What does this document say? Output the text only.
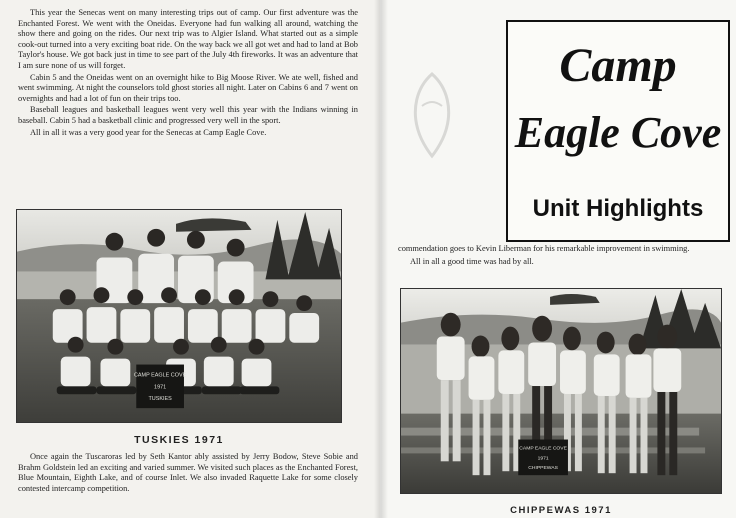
This year the Senecas went on many interesting trips out of camp. Our first adventure was the Enchanted Forest. We went with the Oneidas. Everyone had fun walking all around, watching the show there and going on the rides. Our next trip was to Algier Island. What started out as a simple cook-out turned into a very exciting boat ride. On the way back we all got wet and had to land at Bob Taylor's house. We got back just in time to see part of the July 4th fireworks. It was an adventure that I am sure none of us will forget.

Cabin 5 and the Oneidas went on an overnight hike to Big Moose River. We ate well, fished and went swimming. At night the counselors told ghost stories all night. Later on Cabins 6 and 7 went on overnights and had a lot of fun on their trips too.

Baseball leagues and basketball leagues went very well this year with the Indians winning in baseball. Cabin 5 had a basketball clinic and progressed very well in the sport.

All in all it was a very good year for the Senecas at Camp Eagle Cove.

CAMP EAGLE COVE
1971
TUSKIES
TUSKIES 1971

Once again the Tuscaroras led by Seth Kantor ably assisted by Jerry Bodow, Steve Sobie and Brahm Goldstein led an exciting and varied summer. We visited such places as the Enchanted Forest, Blue Mountain, Eighth Lake, and of course Inlet. We also invaded Raquette Lake for some closely contested intercamp competition.

Camp
Eagle Cove
Unit Highlights

commendation goes to Kevin Liberman for his remarkable improvement in swimming.

All in all a good time was had by all.

CAMP EAGLE COVE
1971
CHIPPEWAS
CHIPPEWAS 1971
